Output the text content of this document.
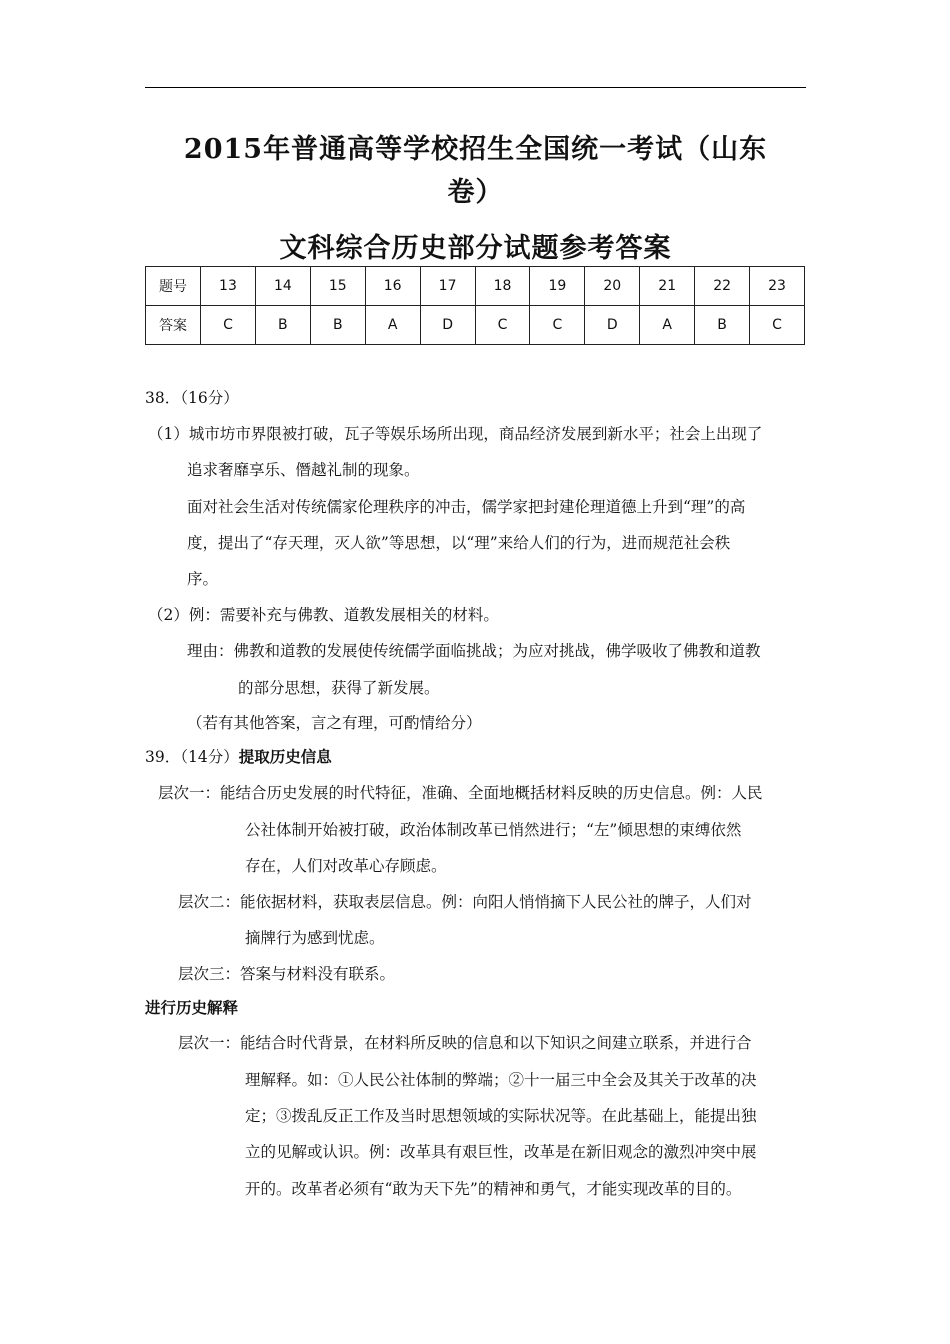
2015年普通高等学校招生全国统一考试（山东
卷）
文科综合历史部分试题参考答案
题号	13	14	15	16	17	18	19	20	21	22	23
答案	C	B	B	A	D	C	C	D	A	B	C

38．（16分）

（1）城市坊市界限被打破，瓦子等娱乐场所出现，商品经济发展到新水平；社会上出现了

追求奢靡享乐、僭越礼制的现象。

面对社会生活对传统儒家伦理秩序的冲击，儒学家把封建伦理道德上升到“理”的高

度，提出了“存天理，灭人欲”等思想，以“理”来给人们的行为，进而规范社会秩

序。

（2）例：需要补充与佛教、道教发展相关的材料。

理由：佛教和道教的发展使传统儒学面临挑战；为应对挑战，佛学吸收了佛教和道教

的部分思想，获得了新发展。

（若有其他答案，言之有理，可酌情给分）

39．（14分）提取历史信息

层次一：能结合历史发展的时代特征，准确、全面地概括材料反映的历史信息。例：人民

公社体制开始被打破，政治体制改革已悄然进行；“左”倾思想的束缚依然

存在，人们对改革心存顾虑。

层次二：能依据材料，获取表层信息。例：向阳人悄悄摘下人民公社的牌子，人们对

摘牌行为感到忧虑。

层次三：答案与材料没有联系。

进行历史解释

层次一：能结合时代背景，在材料所反映的信息和以下知识之间建立联系，并进行合

理解释。如：①人民公社体制的弊端；②十一届三中全会及其关于改革的决

定；③拨乱反正工作及当时思想领域的实际状况等。在此基础上，能提出独

立的见解或认识。例：改革具有艰巨性，改革是在新旧观念的激烈冲突中展

开的。改革者必须有“敢为天下先”的精神和勇气，才能实现改革的目的。
